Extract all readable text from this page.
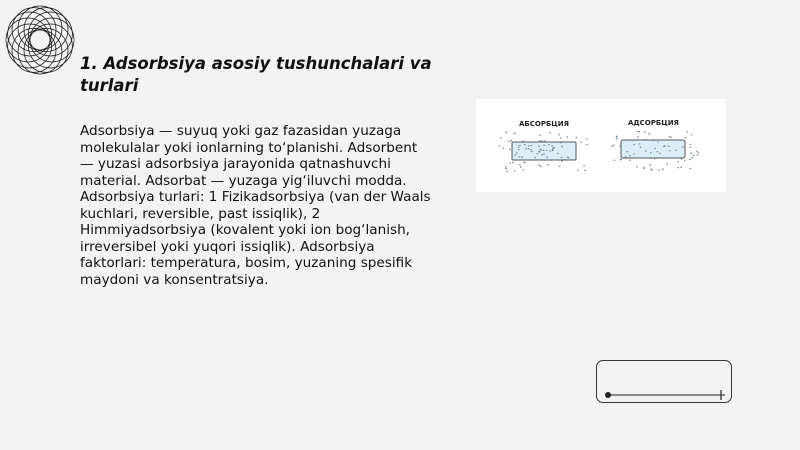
1. Adsorbsiya asosiy tushunchalari va turlari

Adsorbsiya — suyuq yoki gaz fazasidan yuzaga molekulalar yoki ionlarning to‘planishi. Adsorbent — yuzasi adsorbsiya jarayonida qatnashuvchi material. Adsorbat — yuzaga yig‘iluvchi modda. Adsorbsiya turlari: 1 Fizikadsorbsiya (van der Waals kuchlari, reversible, past issiqlik), 2 Himmiyadsorbsiya (kovalent yoki ion bog‘lanish, irreversibel yoki yuqori issiqlik). Adsorbsiya faktorlari: temperatura, bosim, yuzaning spesifik maydoni va konsentratsiya.

АБСОРБЦИЯ	АДСОРБЦИЯ
